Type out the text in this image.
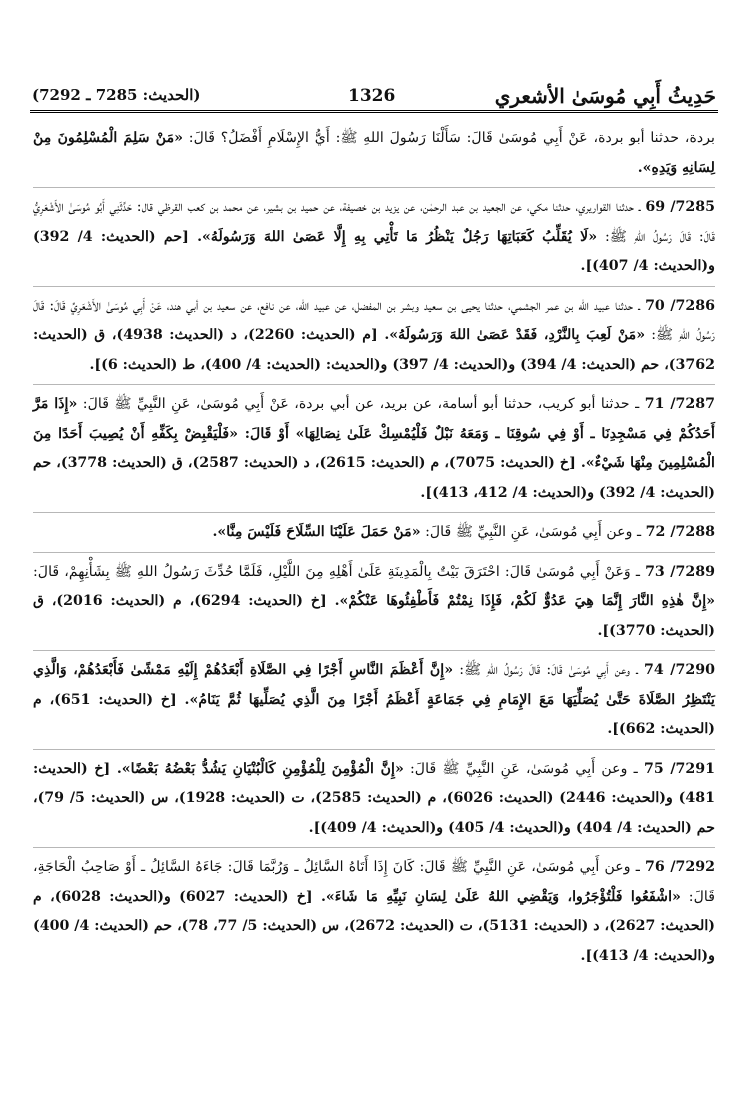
حَدِيثُ أَبِي مُوسَىٰ الأشعري
1326
(الحديث: 7285 ـ 7292)
بردة، حدثنا أبو بردة، عَنْ أَبِي مُوسَىٰ قَالَ: سَأَلْنَا رَسُولَ اللهِ ﷺ: أَيُّ الإِسْلَامِ أَفْضَلُ؟ قَالَ: «مَنْ سَلِمَ الْمُسْلِمُونَ مِنْ لِسَانِهِ وَيَدِهِ».
7285/ 69 ـ حدثنا القواريري، حدثنا مكي، عن الجعيد بن عبد الرحمٰن، عن يزيد بن خصيفة، عن حميد بن بشير، عن محمد بن كعب القرظي قال: حَدَّثَنِي أَبُو مُوسَىٰ الأَشْعَرِيُّ قَالَ: قَالَ رَسُولُ اللهِ ﷺ: «لَا يُقَلِّبُ كَعَبَاتِهَا رَجُلٌ يَنْظُرُ مَا تَأْتِي بِهِ إِلَّا عَصَىٰ اللهَ وَرَسُولَهُ». [حم (الحديث: 4/ 392) و(الحديث: 4/ 407)].
7286/ 70 ـ حدثنا عبيد الله بن عمر الجشمي، حدثنا يحيى بن سعيد وبشر بن المفضل، عن عبيد الله، عن نافع، عن سعيد بن أبي هند، عَنْ أَبِي مُوسَىٰ الأَشْعَرِيِّ قَالَ: قَالَ رَسُولُ اللهِ ﷺ: «مَنْ لَعِبَ بِالنَّرْدِ، فَقَدْ عَصَىٰ اللهَ وَرَسُولَهُ». [م (الحديث: 2260)، د (الحديث: 4938)، ق (الحديث: 3762)، حم (الحديث: 4/ 394) و(الحديث: 4/ 397) و(الحديث: (الحديث: 4/ 400)، ط (الحديث: 6)].
7287/ 71 ـ حدثنا أبو كريب، حدثنا أبو أسامة، عن بريد، عن أبي بردة، عَنْ أَبِي مُوسَىٰ، عَنِ النَّبِيِّ ﷺ قَالَ: «إِذَا مَرَّ أَحَدُكُمْ فِي مَسْجِدِنَا ـ أَوْ فِي سُوقِنَا ـ وَمَعَهُ نَبْلٌ فَلْيُمْسِكْ عَلَىٰ نِصَالِهَا» أَوْ قَالَ: «فَلْيَقْبِضْ بِكَفِّهِ أَنْ يُصِيبَ أَحَدًا مِنَ الْمُسْلِمِينَ مِنْهَا شَيْءٌ». [خ (الحديث: 7075)، م (الحديث: 2615)، د (الحديث: 2587)، ق (الحديث: 3778)، حم (الحديث: 4/ 392) و(الحديث: 4/ 412، 413)].
7288/ 72 ـ وعن أَبِي مُوسَىٰ، عَنِ النَّبِيِّ ﷺ قَالَ: «مَنْ حَمَلَ عَلَيْنَا السِّلَاحَ فَلَيْسَ مِنَّا».
7289/ 73 ـ وَعَنْ أَبِي مُوسَىٰ قَالَ: احْتَرَقَ بَيْتٌ بِالْمَدِينَةِ عَلَىٰ أَهْلِهِ مِنَ اللَّيْلِ، فَلَمَّا حُدِّثَ رَسُولُ اللهِ ﷺ بِشَأْنِهِمْ، قَالَ: «إِنَّ هٰذِهِ النَّارَ إِنَّمَا هِيَ عَدُوٌّ لَكُمْ، فَإِذَا نِمْتُمْ فَأَطْفِئُوهَا عَنْكُمْ». [خ (الحديث: 6294)، م (الحديث: 2016)، ق (الحديث: 3770)].
7290/ 74 ـ وعن أَبِي مُوسَىٰ قَالَ: قَالَ رَسُولُ اللهِ ﷺ: «إِنَّ أَعْظَمَ النَّاسِ أَجْرًا فِي الصَّلَاةِ أَبْعَدُهُمْ إِلَيْهِ مَمْشًىٰ فَأَبْعَدُهُمْ، وَالَّذِي يَنْتَظِرُ الصَّلَاةَ حَتَّىٰ يُصَلِّيَهَا مَعَ الإِمَامِ فِي جَمَاعَةٍ أَعْظَمُ أَجْرًا مِنَ الَّذِي يُصَلِّيهَا ثُمَّ يَنَامُ». [خ (الحديث: 651)، م (الحديث: 662)].
7291/ 75 ـ وعن أَبِي مُوسَىٰ، عَنِ النَّبِيِّ ﷺ قَالَ: «إِنَّ الْمُؤْمِنَ لِلْمُؤْمِنِ كَالْبُنْيَانِ يَشُدُّ بَعْضُهُ بَعْضًا». [خ (الحديث: 481) و(الحديث: 2446) (الحديث: 6026)، م (الحديث: 2585)، ت (الحديث: 1928)، س (الحديث: 5/ 79)، حم (الحديث: 4/ 404) و(الحديث: 4/ 405) و(الحديث: 4/ 409)].
7292/ 76 ـ وعن أَبِي مُوسَىٰ، عَنِ النَّبِيِّ ﷺ قَالَ: كَانَ إِذَا أَتَاهُ السَّائِلُ ـ وَرُبَّمَا قَالَ: جَاءَهُ السَّائِلُ ـ أَوْ صَاحِبُ الْحَاجَةِ، قَالَ: «اشْفَعُوا فَلْتُؤْجَرُوا، وَيَقْضِي اللهُ عَلَىٰ لِسَانِ نَبِيِّهِ مَا شَاءَ». [خ (الحديث: 6027) و(الحديث: 6028)، م (الحديث: 2627)، د (الحديث: 5131)، ت (الحديث: 2672)، س (الحديث: 5/ 77، 78)، حم (الحديث: 4/ 400) و(الحديث: 4/ 413)].
